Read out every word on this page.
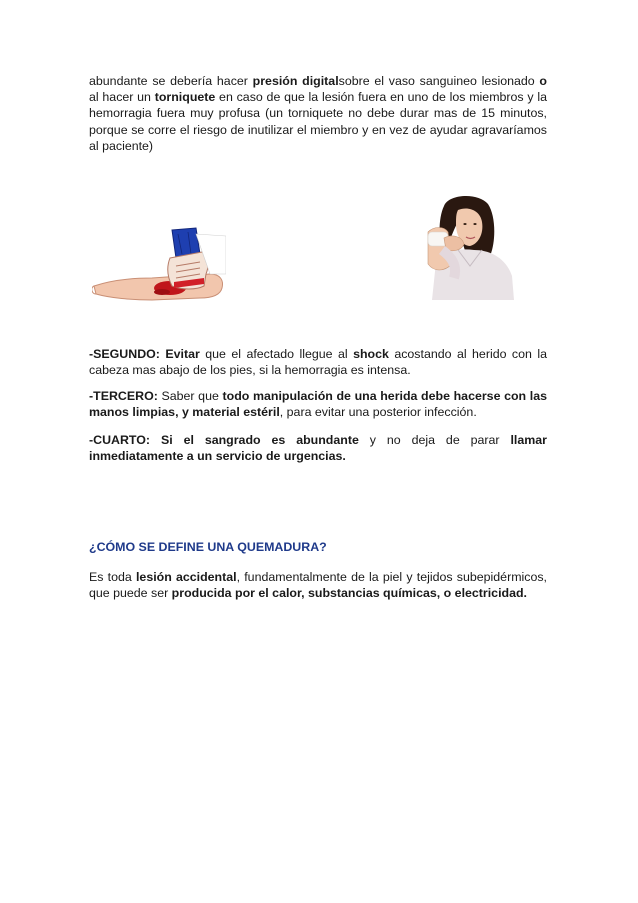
abundante se debería hacer presión digitalsobre el vaso sanguineo lesionado o al hacer un torniquete en caso de que la lesión fuera en uno de los miembros y la hemorragia fuera muy profusa (un torniquete no debe durar mas de 15 minutos, porque se corre el riesgo de inutilizar el miembro y en vez de ayudar agravaríamos al paciente)

-SEGUNDO: Evitar que el afectado llegue al shock acostando al herido con la cabeza mas abajo de los pies, si la hemorragia es intensa.

-TERCERO: Saber que todo manipulación de una herida debe hacerse con las manos limpias, y material estéril, para evitar una posterior infección.

-CUARTO: Si el sangrado es abundante y no deja de parar llamar inmediatamente a un servicio de urgencias.

¿CÓMO SE DEFINE UNA QUEMADURA?

Es toda lesión accidental, fundamentalmente de la piel y tejidos subepidérmicos, que puede ser producida por el calor, substancias químicas, o electricidad.
